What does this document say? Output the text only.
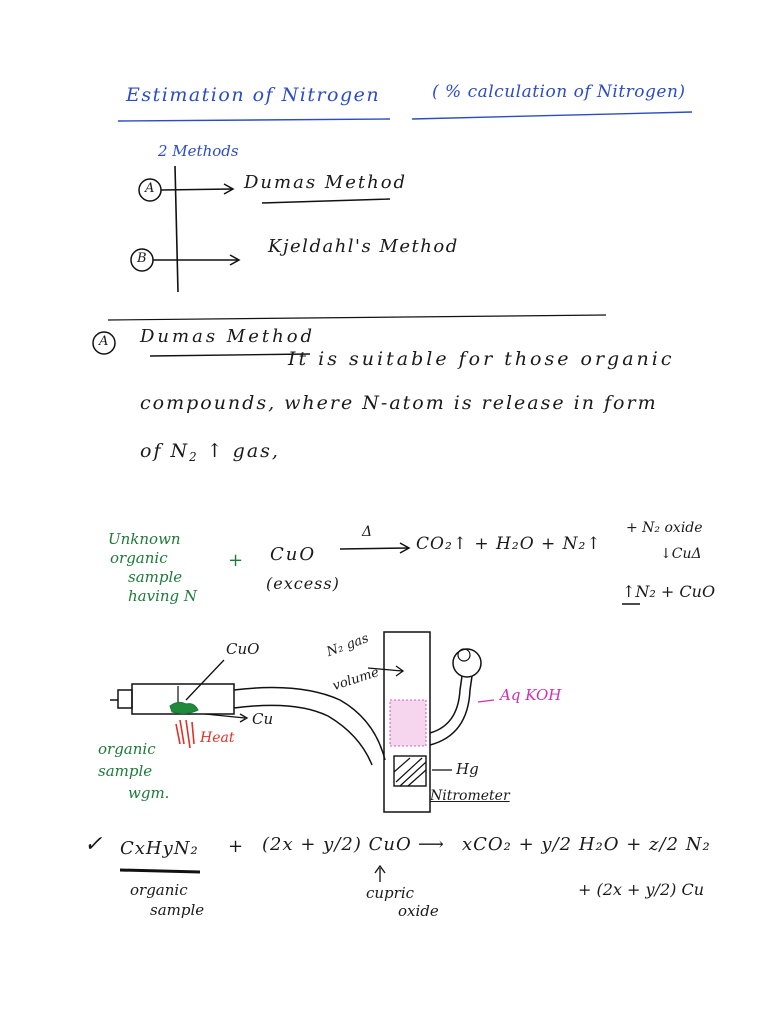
Estimation of Nitrogen	( % calculation of Nitrogen)
2 Methods
A	Dumas Method
B
Kjeldahl's Method
A Dumas Method
It is suitable for those organic
compounds, where N-atom is release in form
of $N_2$ ↑ gas,
Unknown
organic
sample
having N
+ CuO
(excess)
Δ
CO₂↑ + H₂O + N₂↑
+ N₂ oxide
↓CuΔ
↑N₂ + CuO
CuO
Cu
organic sample
wgm.
Heat
N₂ gas
volume
Aq KOH
Hg
Nitrometer
✓ CxHyN₂ + (2x + y/2) CuO ⟶ xCO₂ + y/2 H₂O + z/2 N₂
organic
sample
cupric
oxide
+ (2x + y/2) Cu
